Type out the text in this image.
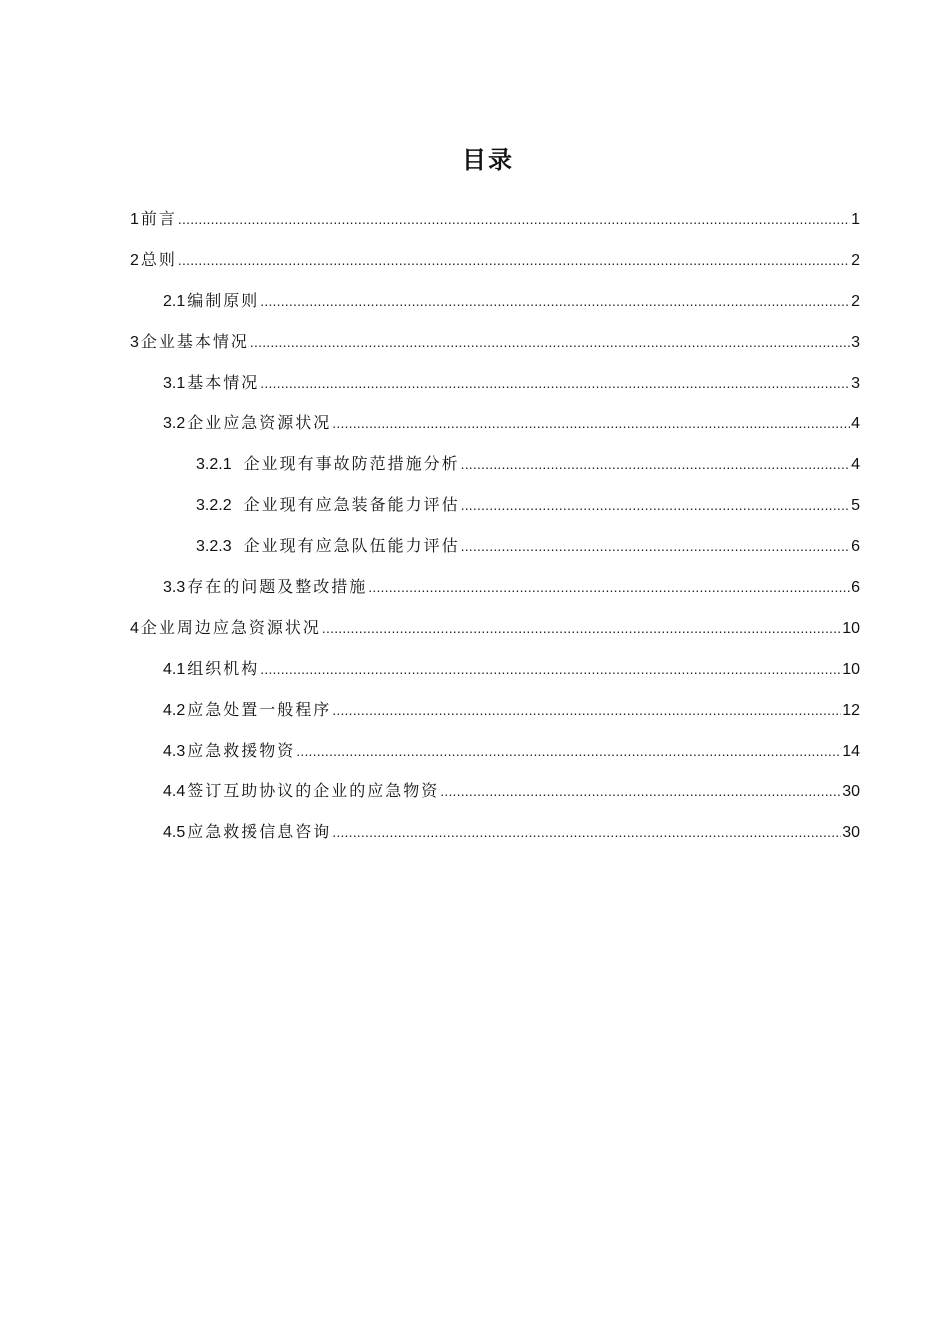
目录
1 前言 .....	1
2 总则 .....	2
2.1 编制原则 .....	2
3 企业基本情况 .....	3
3.1 基本情况 .....	3
3.2 企业应急资源状况 .....	4
3.2.1 企业现有事故防范措施分析 .....	4
3.2.2 企业现有应急装备能力评估 .....	5
3.2.3 企业现有应急队伍能力评估 .....	6
3.3 存在的问题及整改措施 .....	6
4 企业周边应急资源状况 .....	10
4.1 组织机构 .....	10
4.2 应急处置一般程序 .....	12
4.3 应急救援物资 .....	14
4.4 签订互助协议的企业的应急物资 .....	30
4.5 应急救援信息咨询 .....	30
